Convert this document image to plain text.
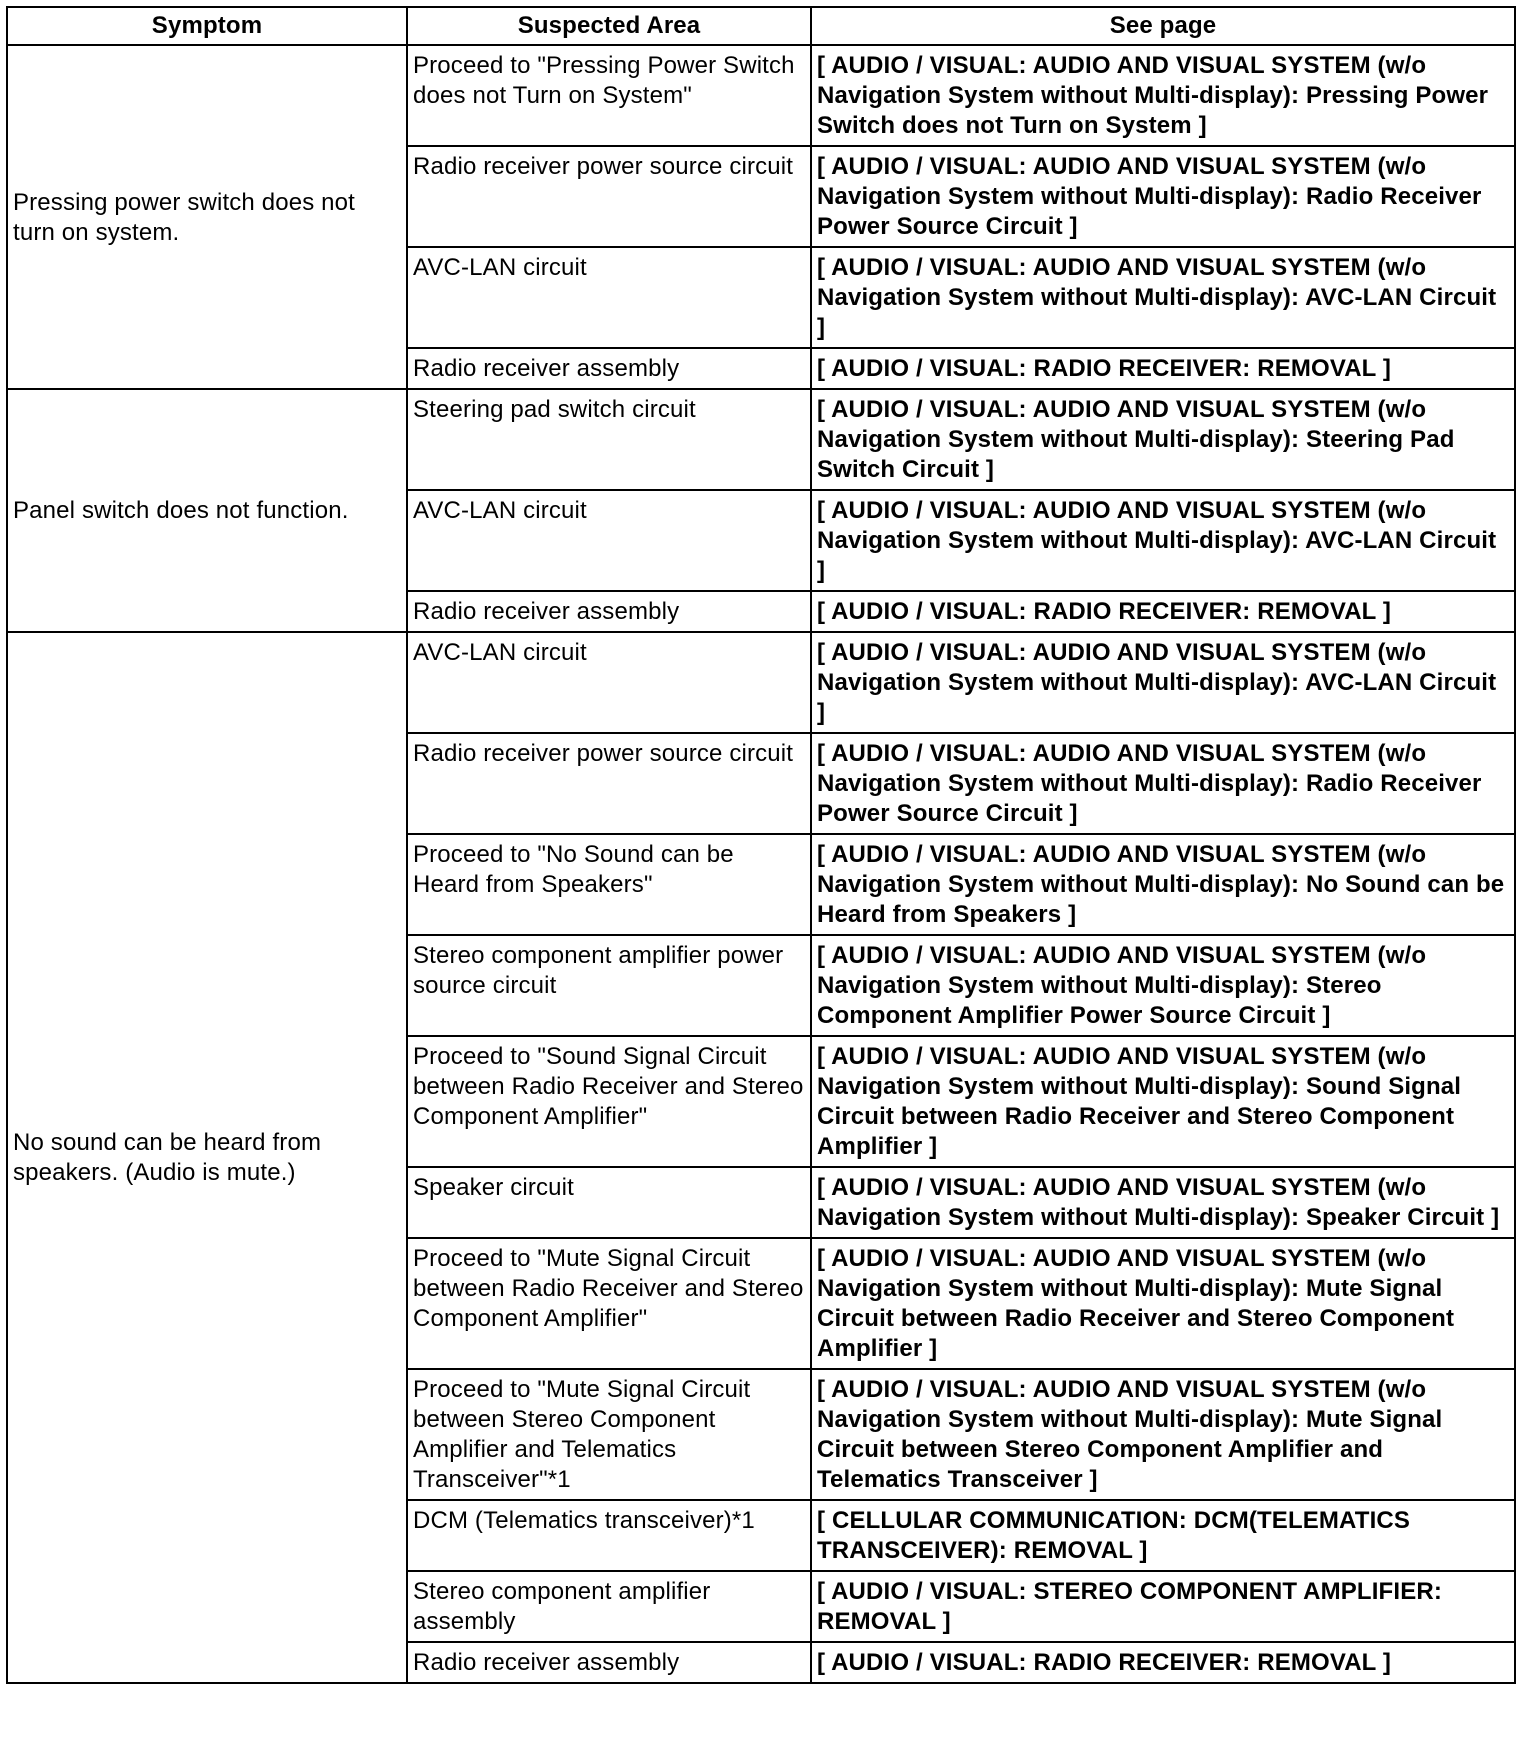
Symptom	Suspected Area	See page
Pressing power switch does not turn on system.	Proceed to "Pressing Power Switch does not Turn on System"	[ AUDIO / VISUAL: AUDIO AND VISUAL SYSTEM (w/o Navigation System without Multi-display): Pressing Power Switch does not Turn on System ]
	Radio receiver power source circuit	[ AUDIO / VISUAL: AUDIO AND VISUAL SYSTEM (w/o Navigation System without Multi-display): Radio Receiver Power Source Circuit ]
	AVC-LAN circuit	[ AUDIO / VISUAL: AUDIO AND VISUAL SYSTEM (w/o Navigation System without Multi-display): AVC-LAN Circuit ]
	Radio receiver assembly	[ AUDIO / VISUAL: RADIO RECEIVER: REMOVAL ]
Panel switch does not function.	Steering pad switch circuit	[ AUDIO / VISUAL: AUDIO AND VISUAL SYSTEM (w/o Navigation System without Multi-display): Steering Pad Switch Circuit ]
	AVC-LAN circuit	[ AUDIO / VISUAL: AUDIO AND VISUAL SYSTEM (w/o Navigation System without Multi-display): AVC-LAN Circuit ]
	Radio receiver assembly	[ AUDIO / VISUAL: RADIO RECEIVER: REMOVAL ]
No sound can be heard from speakers. (Audio is mute.)	AVC-LAN circuit	[ AUDIO / VISUAL: AUDIO AND VISUAL SYSTEM (w/o Navigation System without Multi-display): AVC-LAN Circuit ]
	Radio receiver power source circuit	[ AUDIO / VISUAL: AUDIO AND VISUAL SYSTEM (w/o Navigation System without Multi-display): Radio Receiver Power Source Circuit ]
	Proceed to "No Sound can be Heard from Speakers"	[ AUDIO / VISUAL: AUDIO AND VISUAL SYSTEM (w/o Navigation System without Multi-display): No Sound can be Heard from Speakers ]
	Stereo component amplifier power source circuit	[ AUDIO / VISUAL: AUDIO AND VISUAL SYSTEM (w/o Navigation System without Multi-display): Stereo Component Amplifier Power Source Circuit ]
	Proceed to "Sound Signal Circuit between Radio Receiver and Stereo Component Amplifier"	[ AUDIO / VISUAL: AUDIO AND VISUAL SYSTEM (w/o Navigation System without Multi-display): Sound Signal Circuit between Radio Receiver and Stereo Component Amplifier ]
	Speaker circuit	[ AUDIO / VISUAL: AUDIO AND VISUAL SYSTEM (w/o Navigation System without Multi-display): Speaker Circuit ]
	Proceed to "Mute Signal Circuit between Radio Receiver and Stereo Component Amplifier"	[ AUDIO / VISUAL: AUDIO AND VISUAL SYSTEM (w/o Navigation System without Multi-display): Mute Signal Circuit between Radio Receiver and Stereo Component Amplifier ]
	Proceed to "Mute Signal Circuit between Stereo Component Amplifier and Telematics Transceiver"*1	[ AUDIO / VISUAL: AUDIO AND VISUAL SYSTEM (w/o Navigation System without Multi-display): Mute Signal Circuit between Stereo Component Amplifier and Telematics Transceiver ]
	DCM (Telematics transceiver)*1	[ CELLULAR COMMUNICATION: DCM(TELEMATICS TRANSCEIVER): REMOVAL ]
	Stereo component amplifier assembly	[ AUDIO / VISUAL: STEREO COMPONENT AMPLIFIER: REMOVAL ]
	Radio receiver assembly	[ AUDIO / VISUAL: RADIO RECEIVER: REMOVAL ]
